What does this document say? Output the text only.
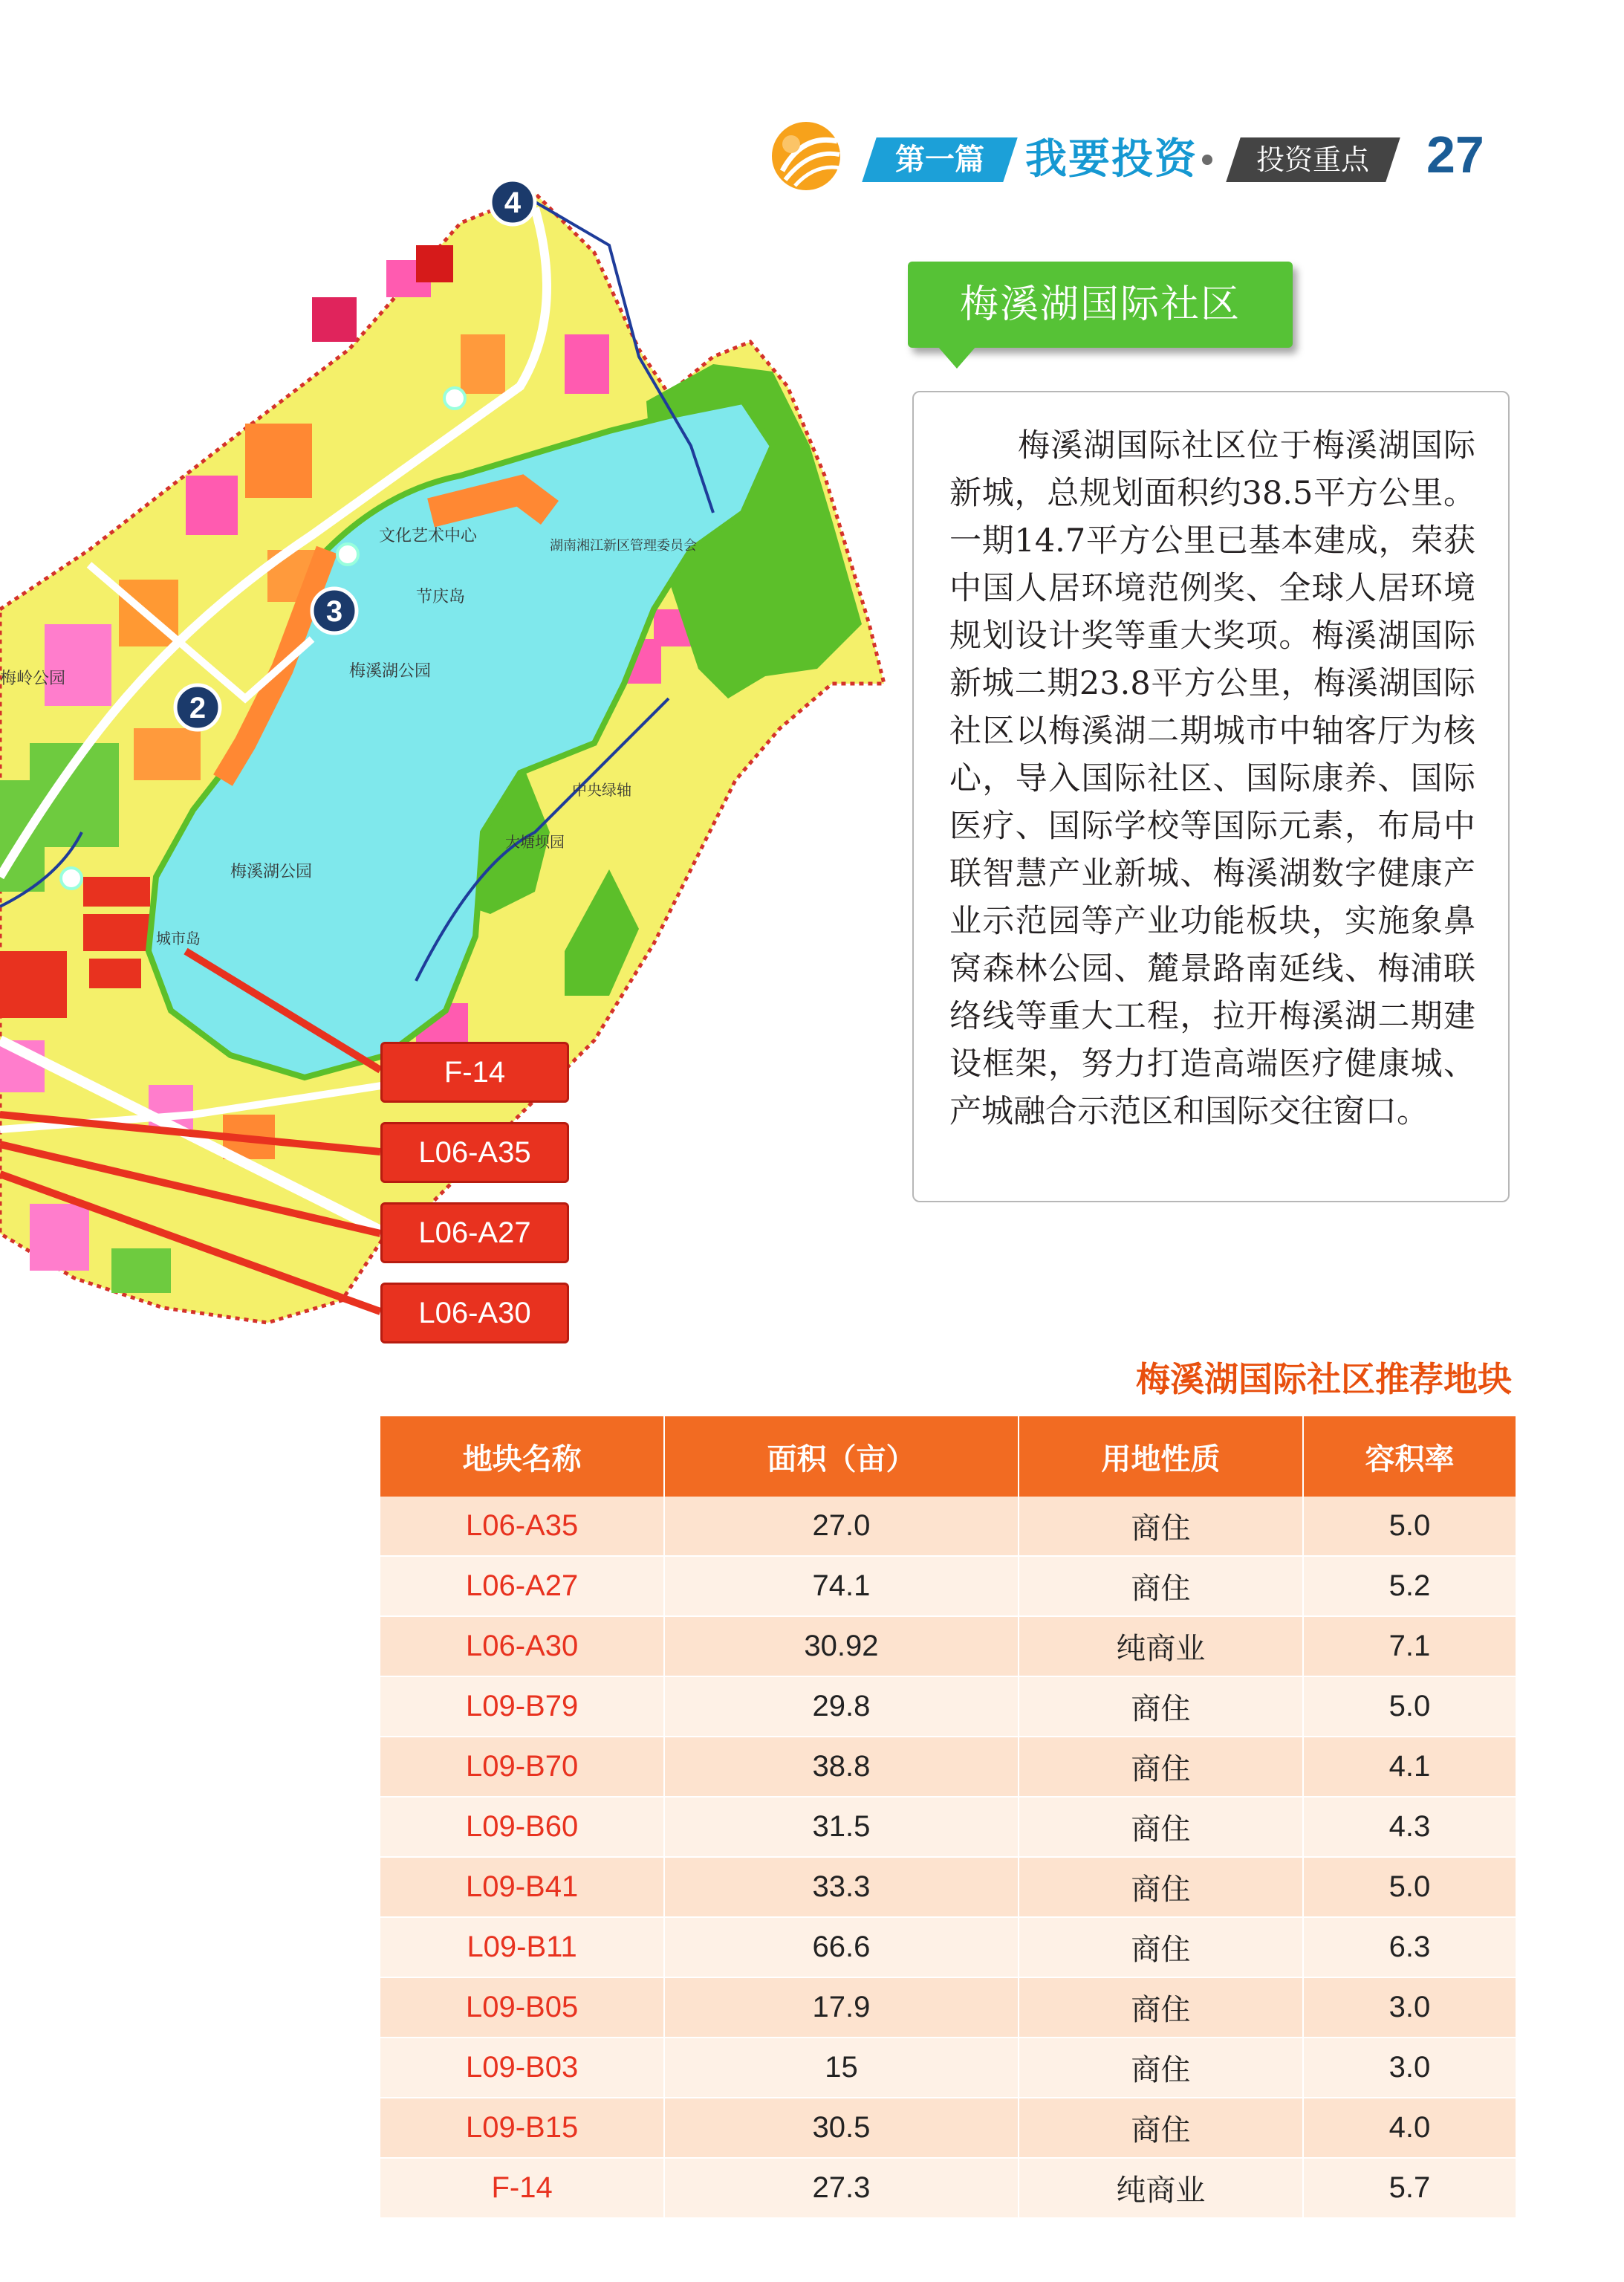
第一篇 我要投资	投资重点	27
4
3
2
文化艺术中心
节庆岛
梅溪湖公园
梅溪湖公园
梅岭公园
湖南湘江新区管理委员会
城市岛
中央绿轴
大塘坝园
F-14
L06-A35
L06-A27
L06-A30
梅溪湖国际社区
梅溪湖国际社区位于梅溪湖国际新城，总规划面积约38.5平方公里。一期14.7平方公里已基本建成，荣获中国人居环境范例奖、全球人居环境规划设计奖等重大奖项。梅溪湖国际新城二期23.8平方公里，梅溪湖国际社区以梅溪湖二期城市中轴客厅为核心，导入国际社区、国际康养、国际医疗、国际学校等国际元素，布局中联智慧产业新城、梅溪湖数字健康产业示范园等产业功能板块，实施象鼻窝森林公园、麓景路南延线、梅浦联络线等重大工程，拉开梅溪湖二期建设框架，努力打造高端医疗健康城、产城融合示范区和国际交往窗口。
梅溪湖国际社区推荐地块
地块名称	面积（亩）	用地性质	容积率
L06-A35	27.0	商住	5.0
L06-A27	74.1	商住	5.2
L06-A30	30.92	纯商业	7.1
L09-B79	29.8	商住	5.0
L09-B70	38.8	商住	4.1
L09-B60	31.5	商住	4.3
L09-B41	33.3	商住	5.0
L09-B11	66.6	商住	6.3
L09-B05	17.9	商住	3.0
L09-B03	15	商住	3.0
L09-B15	30.5	商住	4.0
F-14	27.3	纯商业	5.7
